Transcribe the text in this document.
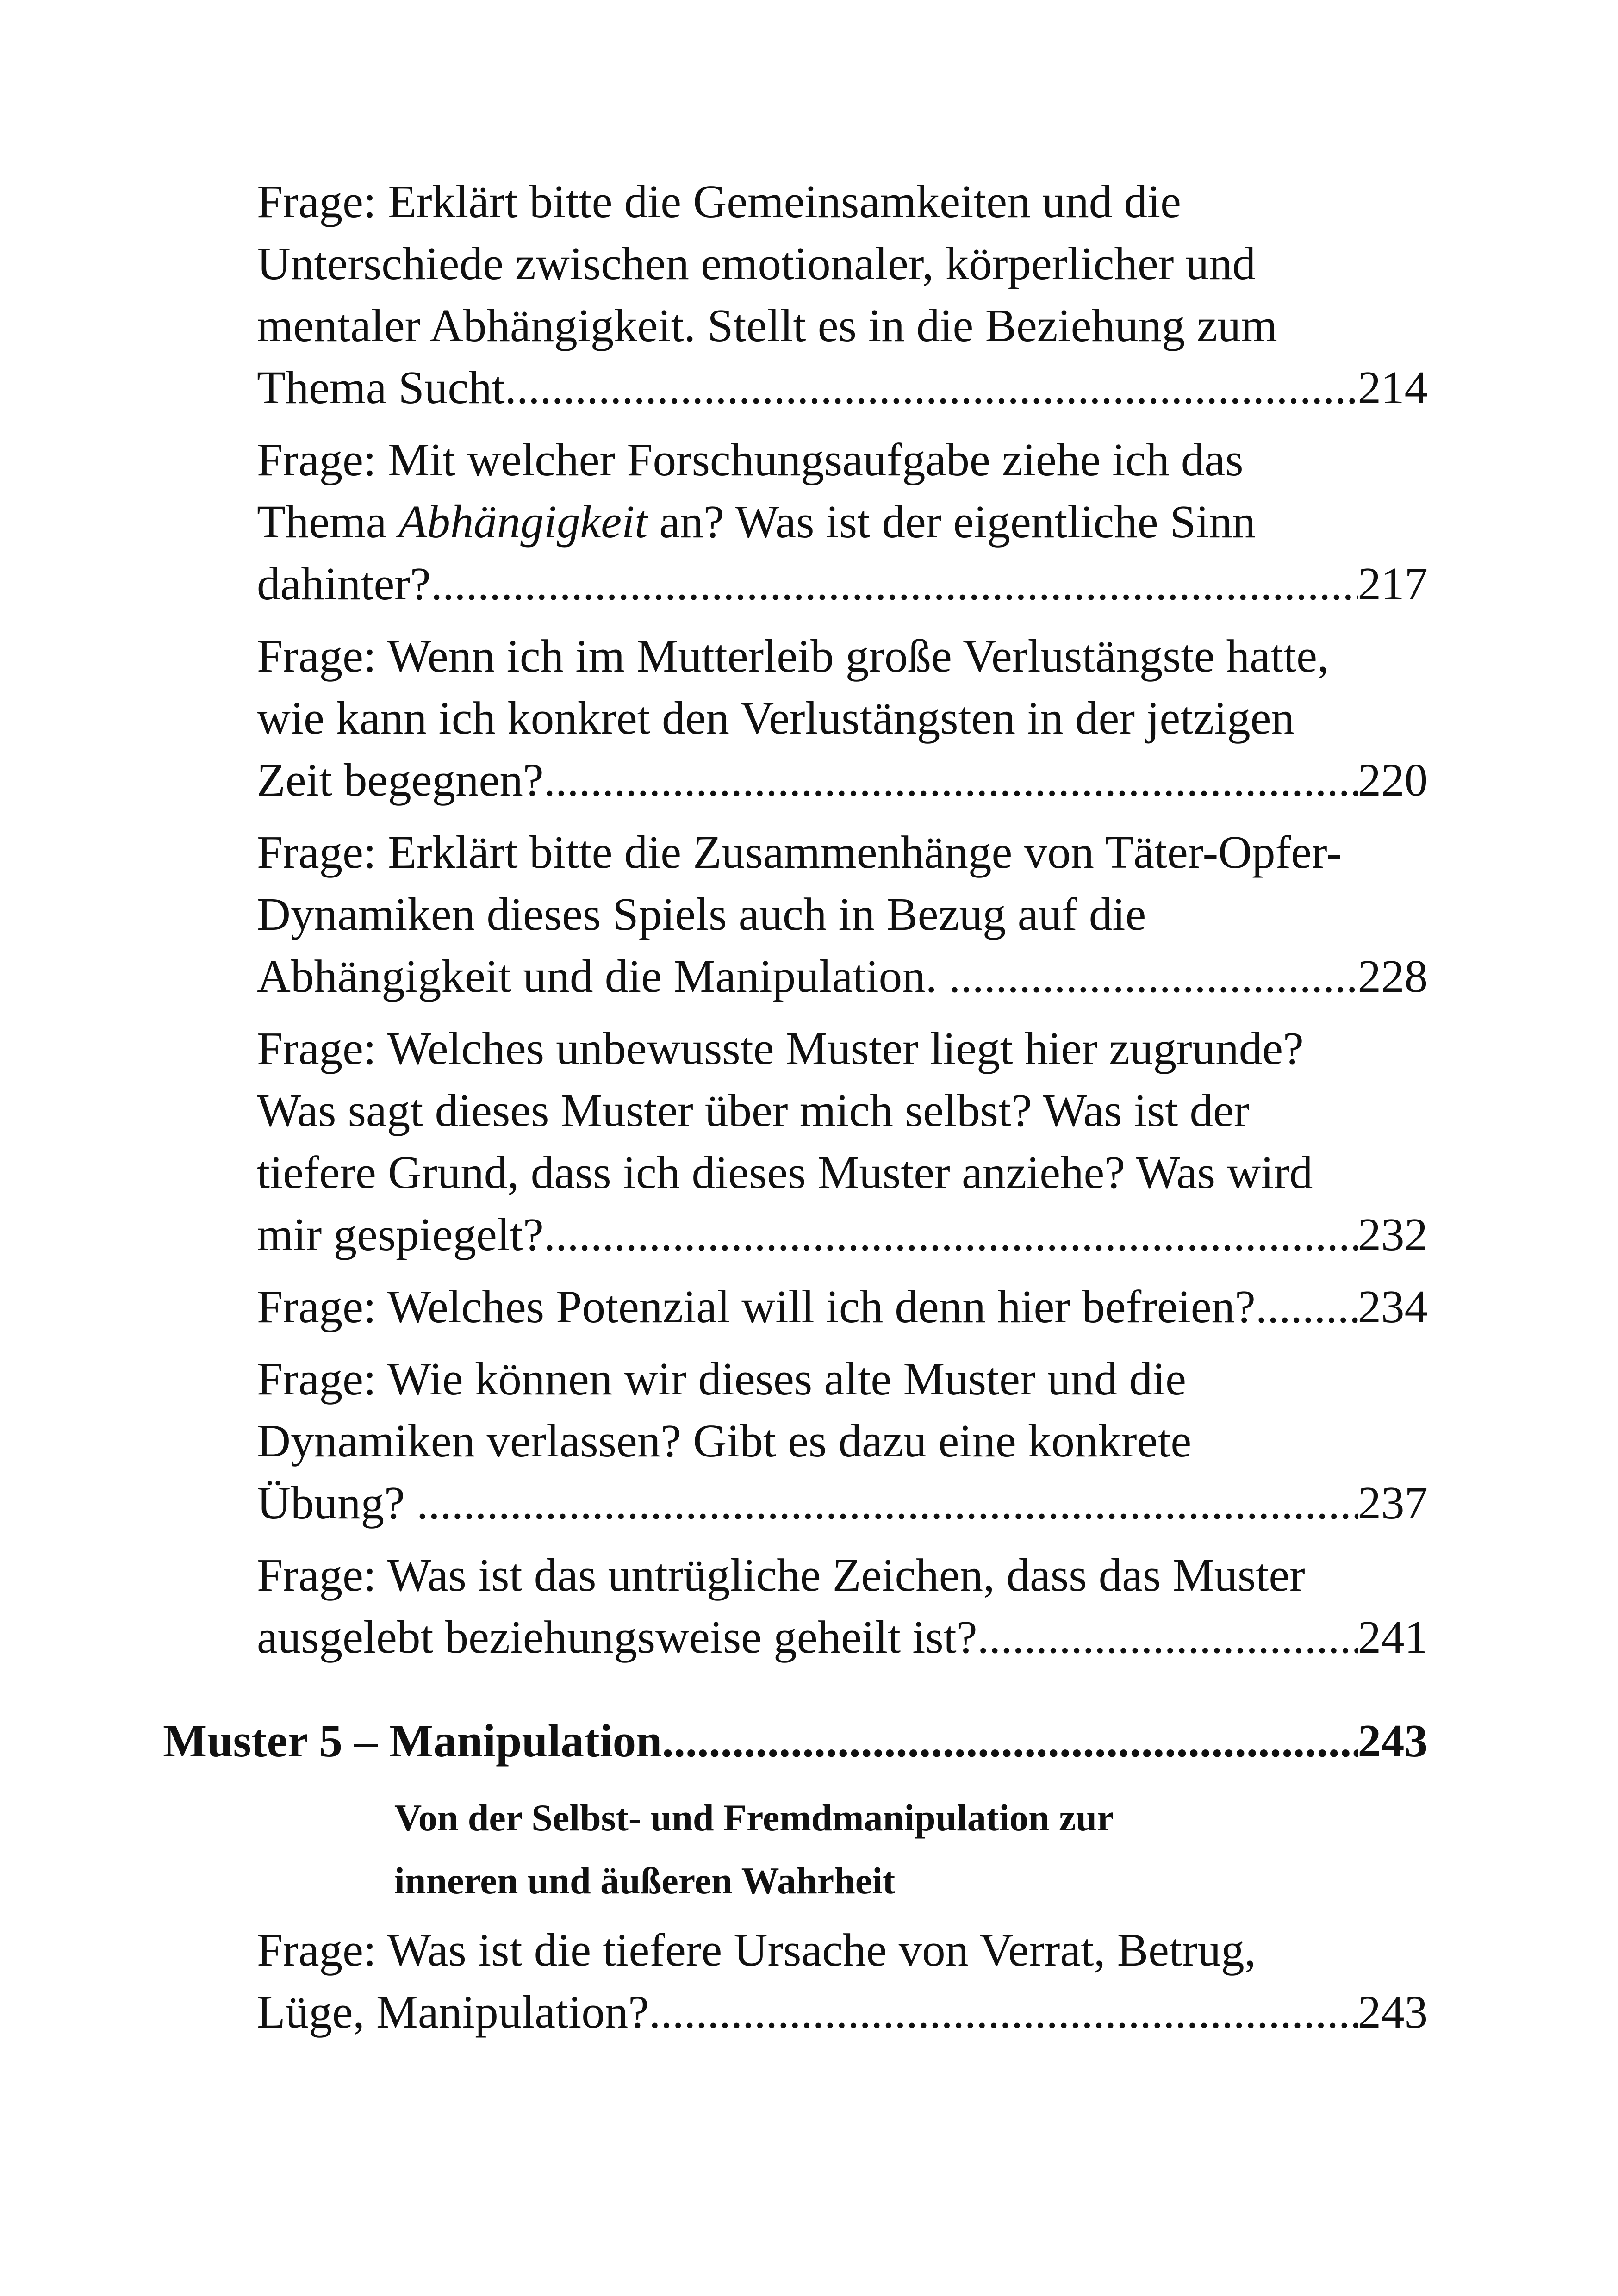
Frage: Erklärt bitte die Gemeinsamkeiten und die
Unterschiede zwischen emotionaler, körperlicher und
mentaler Abhängigkeit. Stellt es in die Beziehung zum
Thema Sucht. .....	214
Frage: Mit welcher Forschungsaufgabe ziehe ich das
Thema Abhängigkeit an? Was ist der eigentliche Sinn
dahinter? .....	217
Frage: Wenn ich im Mutterleib große Verlustängste hatte,
wie kann ich konkret den Verlustängsten in der jetzigen
Zeit begegnen? .....	220
Frage: Erklärt bitte die Zusammenhänge von Täter-Opfer-
Dynamiken dieses Spiels auch in Bezug auf die
Abhängigkeit und die Manipulation. .....	228
Frage: Welches unbewusste Muster liegt hier zugrunde?
Was sagt dieses Muster über mich selbst? Was ist der
tiefere Grund, dass ich dieses Muster anziehe? Was wird
mir gespiegelt? .....	232
Frage: Welches Potenzial will ich denn hier befreien? ..... 234
Frage: Wie können wir dieses alte Muster und die
Dynamiken verlassen? Gibt es dazu eine konkrete
Übung? .....	237
Frage: Was ist das untrügliche Zeichen, dass das Muster
ausgelebt beziehungsweise geheilt ist? .....	241
Muster 5 – Manipulation .....	243
Von der Selbst- und Fremdmanipulation zur
inneren und äußeren Wahrheit
Frage: Was ist die tiefere Ursache von Verrat, Betrug,
Lüge, Manipulation? .....	243
